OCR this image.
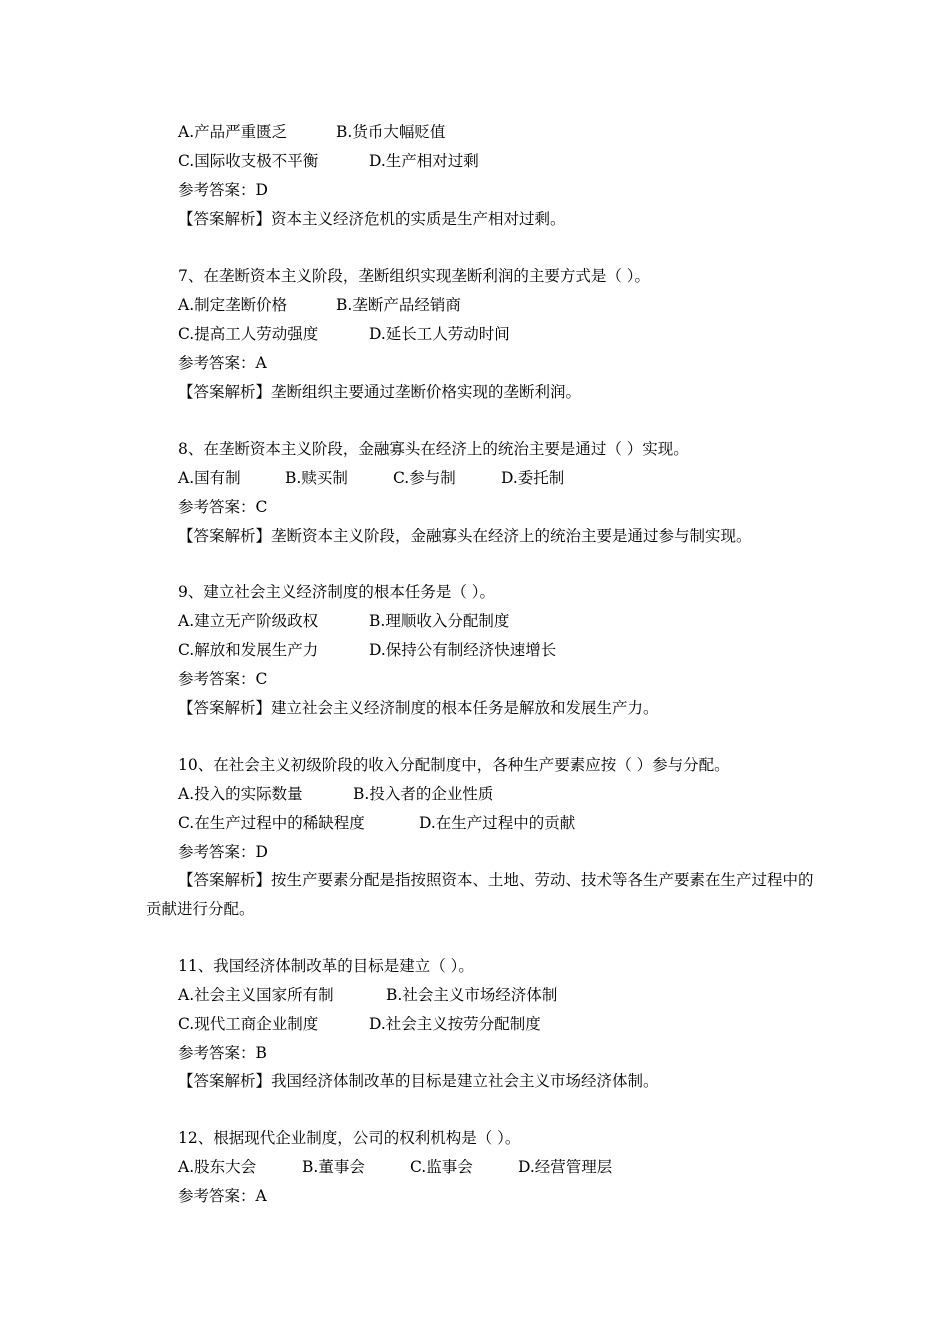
A.产品严重匮乏	B.货币大幅贬值
C.国际收支极不平衡	D.生产相对过剩
参考答案：D
【答案解析】资本主义经济危机的实质是生产相对过剩。
7、在垄断资本主义阶段，垄断组织实现垄断利润的主要方式是（ ）。
A.制定垄断价格	B.垄断产品经销商
C.提高工人劳动强度	D.延长工人劳动时间
参考答案：A
【答案解析】垄断组织主要通过垄断价格实现的垄断利润。
8、在垄断资本主义阶段，金融寡头在经济上的统治主要是通过（ ）实现。
A.国有制	B.赎买制	C.参与制	D.委托制
参考答案：C
【答案解析】垄断资本主义阶段，金融寡头在经济上的统治主要是通过参与制实现。
9、建立社会主义经济制度的根本任务是（ ）。
A.建立无产阶级政权	B.理顺收入分配制度
C.解放和发展生产力	D.保持公有制经济快速增长
参考答案：C
【答案解析】建立社会主义经济制度的根本任务是解放和发展生产力。
10、在社会主义初级阶段的收入分配制度中，各种生产要素应按（ ）参与分配。
A.投入的实际数量	B.投入者的企业性质
C.在生产过程中的稀缺程度	D.在生产过程中的贡献
参考答案：D
【答案解析】按生产要素分配是指按照资本、土地、劳动、技术等各生产要素在生产过程中的贡献进行分配。
11、我国经济体制改革的目标是建立（ ）。
A.社会主义国家所有制	B.社会主义市场经济体制
C.现代工商企业制度	D.社会主义按劳分配制度
参考答案：B
【答案解析】我国经济体制改革的目标是建立社会主义市场经济体制。
12、根据现代企业制度，公司的权利机构是（ ）。
A.股东大会	B.董事会	C.监事会	D.经营管理层
参考答案：A
